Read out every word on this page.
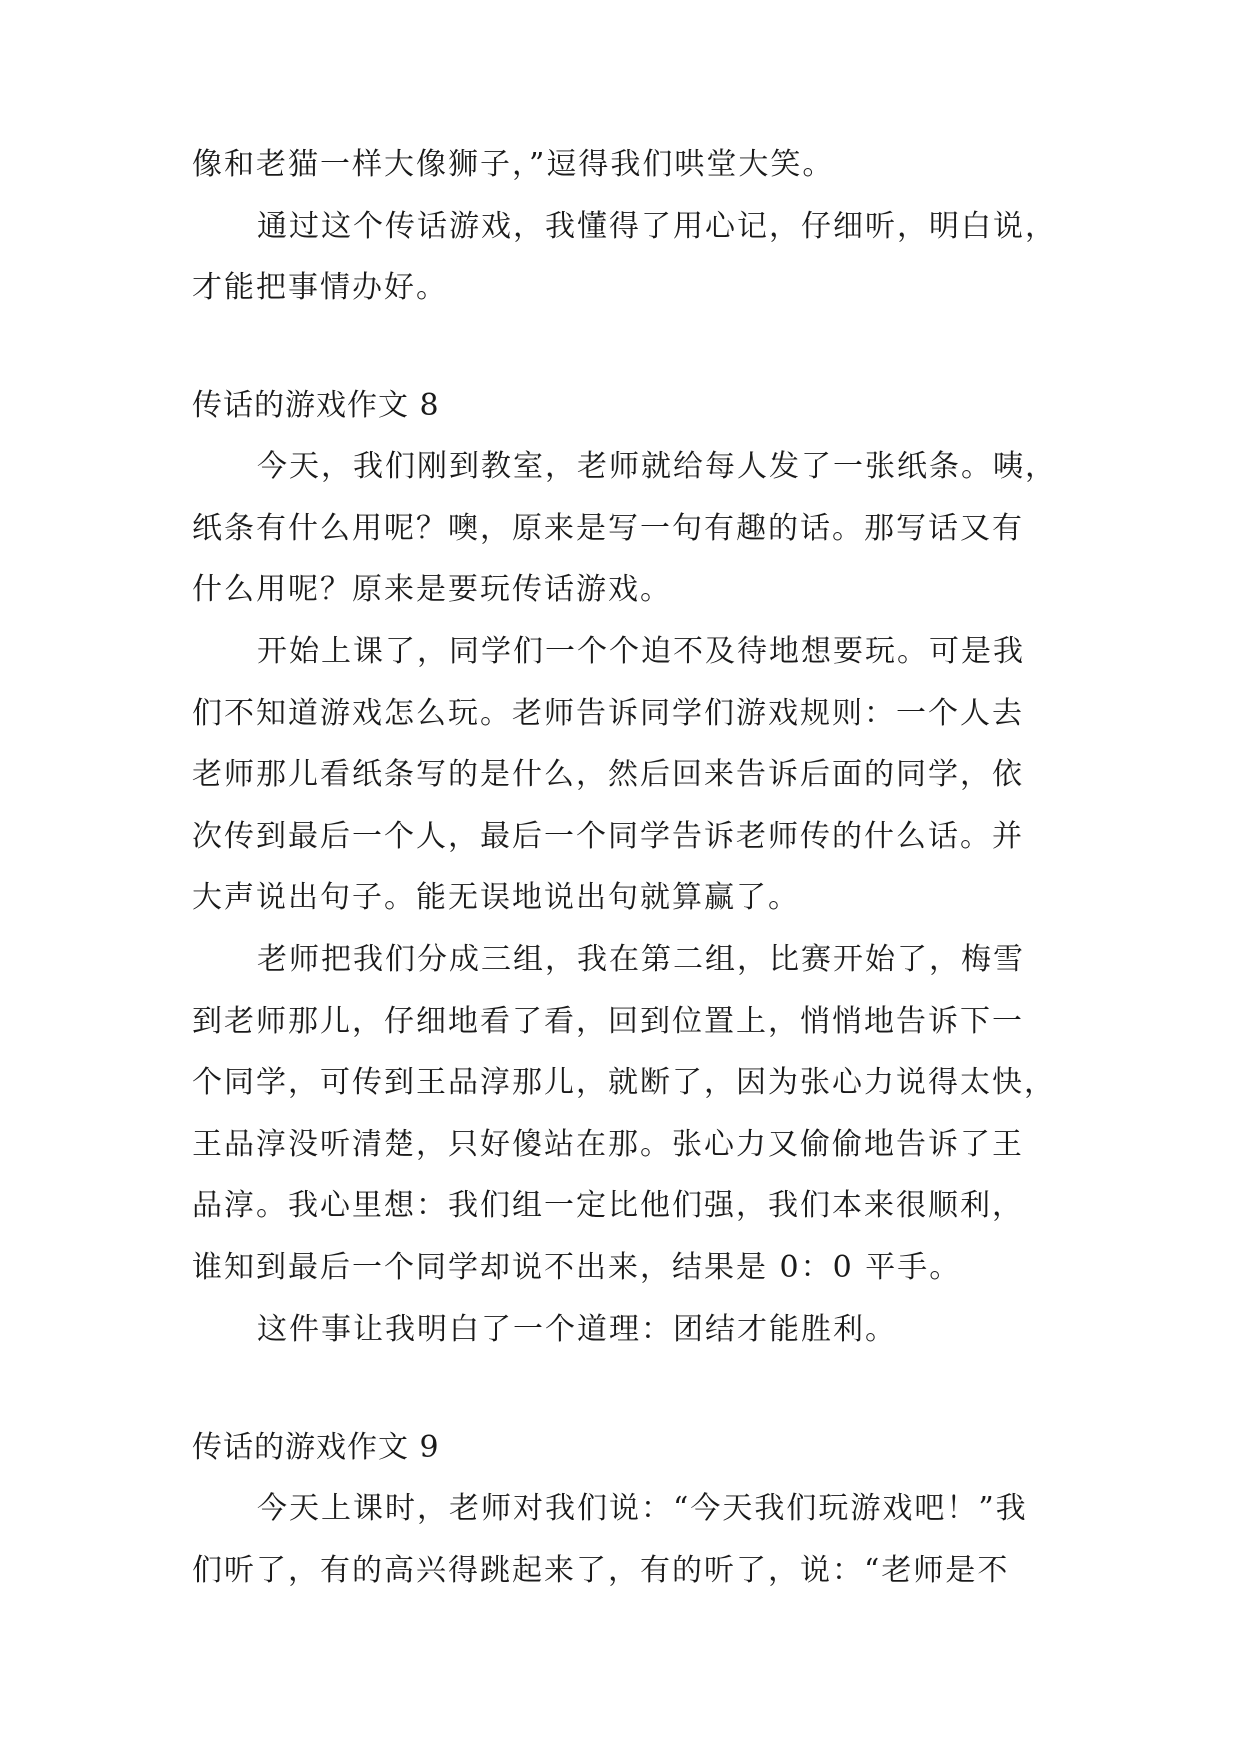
像和老猫一样大像狮子，”逗得我们哄堂大笑。
通过这个传话游戏，我懂得了用心记，仔细听，明白说，
才能把事情办好。
传话的游戏作文 8
今天，我们刚到教室，老师就给每人发了一张纸条。咦，
纸条有什么用呢？噢，原来是写一句有趣的话。那写话又有
什么用呢？原来是要玩传话游戏。
开始上课了，同学们一个个迫不及待地想要玩。可是我
们不知道游戏怎么玩。老师告诉同学们游戏规则：一个人去
老师那儿看纸条写的是什么，然后回来告诉后面的同学，依
次传到最后一个人，最后一个同学告诉老师传的什么话。并
大声说出句子。能无误地说出句就算赢了。
老师把我们分成三组，我在第二组，比赛开始了，梅雪
到老师那儿，仔细地看了看，回到位置上，悄悄地告诉下一
个同学，可传到王品淳那儿，就断了，因为张心力说得太快，
王品淳没听清楚，只好傻站在那。张心力又偷偷地告诉了王
品淳。我心里想：我们组一定比他们强，我们本来很顺利，
谁知到最后一个同学却说不出来，结果是 0：0 平手。
这件事让我明白了一个道理：团结才能胜利。
传话的游戏作文 9
今天上课时，老师对我们说：“今天我们玩游戏吧！”我
们听了，有的高兴得跳起来了，有的听了，说：“老师是不
